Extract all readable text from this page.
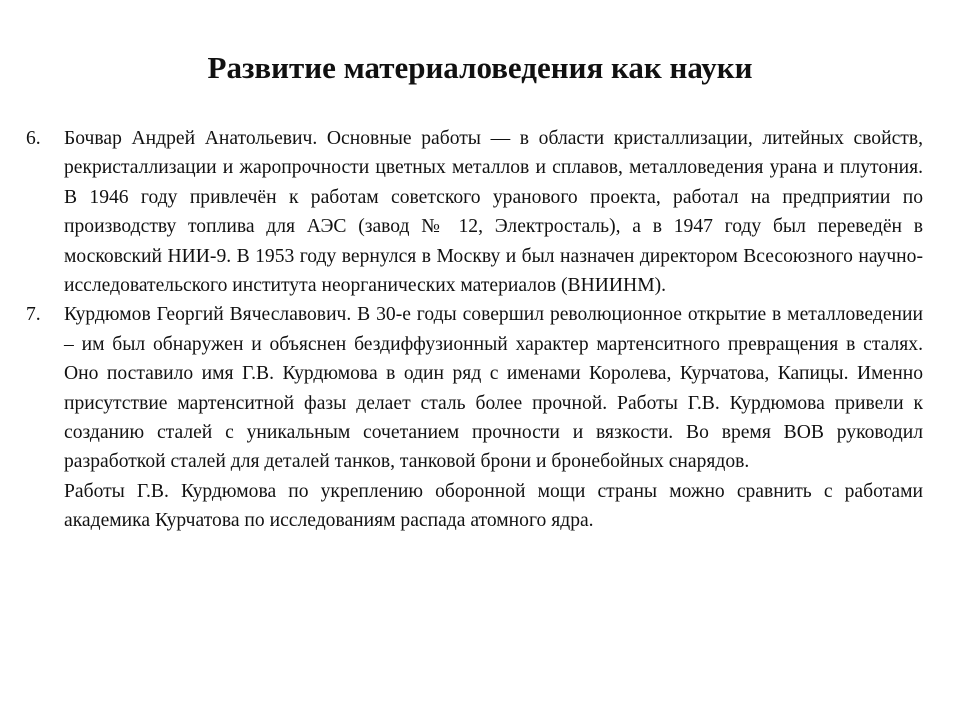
Развитие материаловедения как науки
6. Бочвар Андрей Анатольевич. Основные работы — в области кристаллизации, литейных свойств, рекристаллизации и жаропрочности цветных металлов и сплавов, металловедения урана и плутония. В 1946 году привлечён к работам советского уранового проекта, работал на предприятии по производству топлива для АЭС (завод № 12, Электросталь), а в 1947 году был переведён в московский НИИ-9. В 1953 году вернулся в Москву и был назначен директором Всесоюзного научно-исследовательского института неорганических материалов (ВНИИНМ).
7. Курдюмов Георгий Вячеславович. В 30-е годы совершил революционное открытие в металловедении – им был обнаружен и объяснен бездиффузионный характер мартенситного превращения в сталях. Оно поставило имя Г.В. Курдюмова в один ряд с именами Королева, Курчатова, Капицы. Именно присутствие мартенситной фазы делает сталь более прочной. Работы Г.В. Курдюмова привели к созданию сталей с уникальным сочетанием прочности и вязкости. Во время ВОВ руководил разработкой сталей для деталей танков, танковой брони и бронебойных снарядов.
Работы Г.В. Курдюмова по укреплению оборонной мощи страны можно сравнить с работами академика Курчатова по исследованиям распада атомного ядра.
